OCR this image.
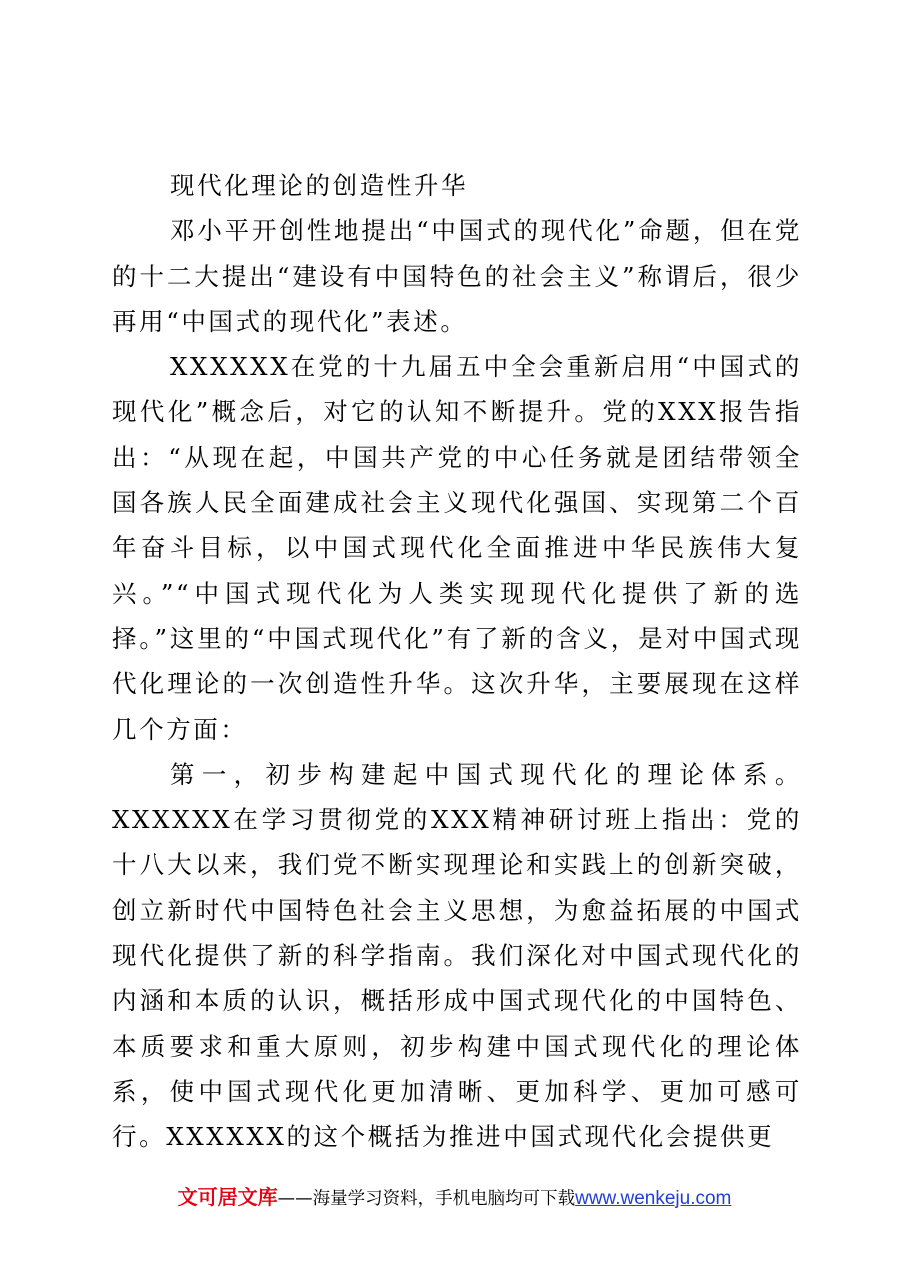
现代化理论的创造性升华

邓小平开创性地提出“中国式的现代化”命题，但在党的十二大提出“建设有中国特色的社会主义”称谓后，很少再用“中国式的现代化”表述。

XXXXXX在党的十九届五中全会重新启用“中国式的现代化”概念后，对它的认知不断提升。党的XXX报告指出：“从现在起，中国共产党的中心任务就是团结带领全国各族人民全面建成社会主义现代化强国、实现第二个百年奋斗目标，以中国式现代化全面推进中华民族伟大复兴。”“中国式现代化为人类实现现代化提供了新的选择。”这里的“中国式现代化”有了新的含义，是对中国式现代化理论的一次创造性升华。这次升华，主要展现在这样几个方面：

第一，初步构建起中国式现代化的理论体系。XXXXXX在学习贯彻党的XXX精神研讨班上指出：党的十八大以来，我们党不断实现理论和实践上的创新突破，创立新时代中国特色社会主义思想，为愈益拓展的中国式现代化提供了新的科学指南。我们深化对中国式现代化的内涵和本质的认识，概括形成中国式现代化的中国特色、本质要求和重大原则，初步构建中国式现代化的理论体系，使中国式现代化更加清晰、更加科学、更加可感可行。XXXXXX的这个概括为推进中国式现代化会提供更

文可居文库——海量学习资料，手机电脑均可下载www.wenkeju.com
